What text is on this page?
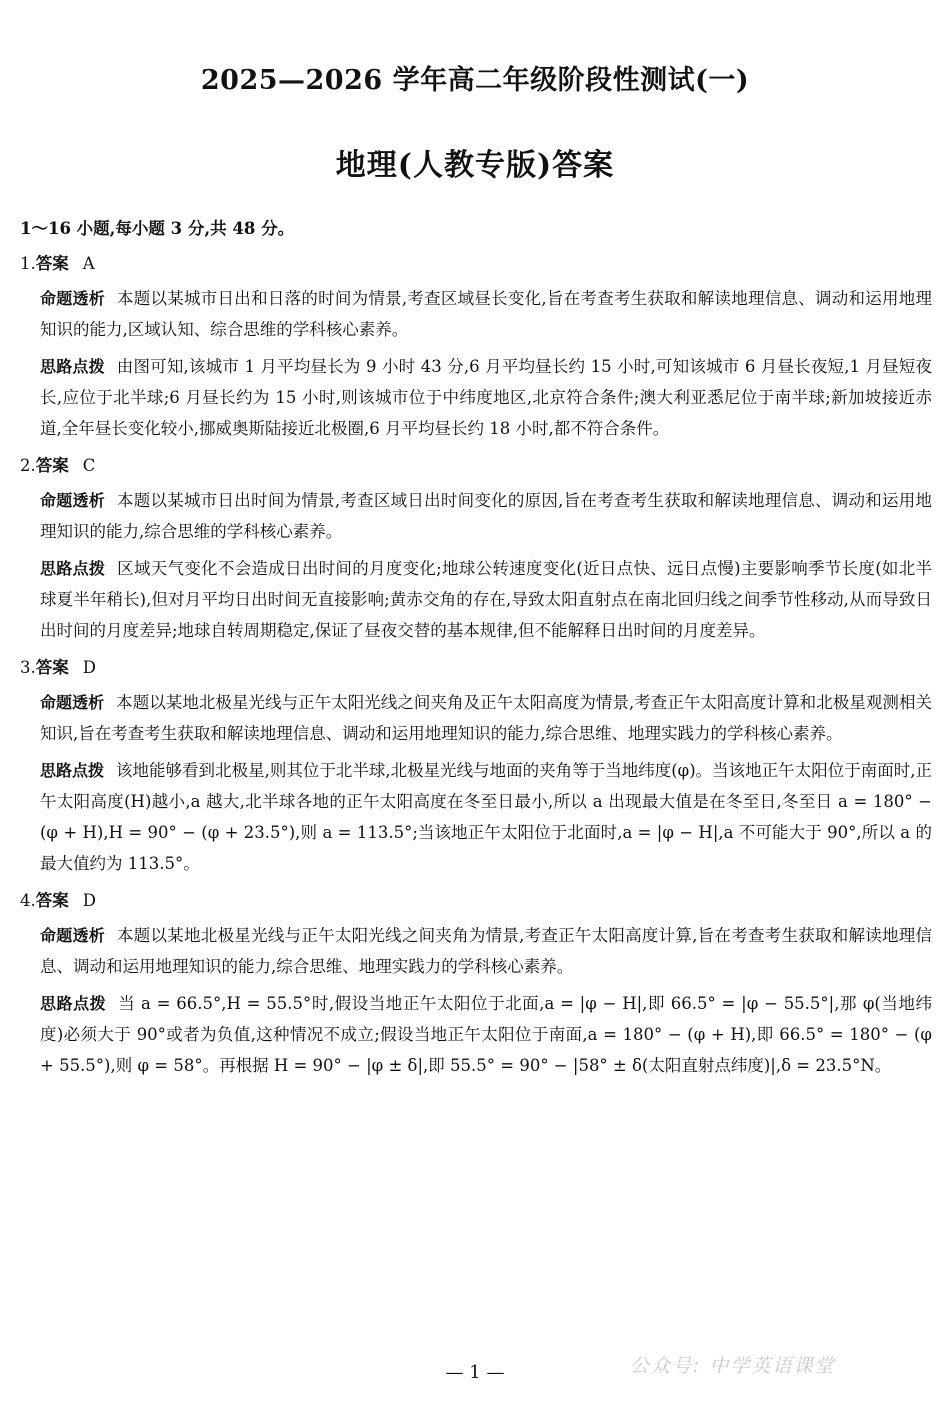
2025—2026 学年高二年级阶段性测试(一)
地理(人教专版)答案
1～16 小题,每小题 3 分,共 48 分。
1.答案 A
命题透析 本题以某城市日出和日落的时间为情景,考查区域昼长变化,旨在考查考生获取和解读地理信息、调动和运用地理知识的能力,区域认知、综合思维的学科核心素养。
思路点拨 由图可知,该城市 1 月平均昼长为 9 小时 43 分,6 月平均昼长约 15 小时,可知该城市 6 月昼长夜短,1 月昼短夜长,应位于北半球;6 月昼长约为 15 小时,则该城市位于中纬度地区,北京符合条件;澳大利亚悉尼位于南半球;新加坡接近赤道,全年昼长变化较小,挪威奥斯陆接近北极圈,6 月平均昼长约 18 小时,都不符合条件。
2.答案 C
命题透析 本题以某城市日出时间为情景,考查区域日出时间变化的原因,旨在考查考生获取和解读地理信息、调动和运用地理知识的能力,综合思维的学科核心素养。
思路点拨 区域天气变化不会造成日出时间的月度变化;地球公转速度变化(近日点快、远日点慢)主要影响季节长度(如北半球夏半年稍长),但对月平均日出时间无直接影响;黄赤交角的存在,导致太阳直射点在南北回归线之间季节性移动,从而导致日出时间的月度差异;地球自转周期稳定,保证了昼夜交替的基本规律,但不能解释日出时间的月度差异。
3.答案 D
命题透析 本题以某地北极星光线与正午太阳光线之间夹角及正午太阳高度为情景,考查正午太阳高度计算和北极星观测相关知识,旨在考查考生获取和解读地理信息、调动和运用地理知识的能力,综合思维、地理实践力的学科核心素养。
思路点拨 该地能够看到北极星,则其位于北半球,北极星光线与地面的夹角等于当地纬度(φ)。当该地正午太阳位于南面时,正午太阳高度(H)越小,a 越大,北半球各地的正午太阳高度在冬至日最小,所以 a 出现最大值是在冬至日,冬至日 a = 180° − (φ + H),H = 90° − (φ + 23.5°),则 a = 113.5°;当该地正午太阳位于北面时,a = |φ − H|,a 不可能大于 90°,所以 a 的最大值约为 113.5°。
4.答案 D
命题透析 本题以某地北极星光线与正午太阳光线之间夹角为情景,考查正午太阳高度计算,旨在考查考生获取和解读地理信息、调动和运用地理知识的能力,综合思维、地理实践力的学科核心素养。
思路点拨 当 a = 66.5°,H = 55.5°时,假设当地正午太阳位于北面,a = |φ − H|,即 66.5° = |φ − 55.5°|,那 φ(当地纬度)必须大于 90°或者为负值,这种情况不成立;假设当地正午太阳位于南面,a = 180° − (φ + H),即 66.5° = 180° − (φ + 55.5°),则 φ = 58°。再根据 H = 90° − |φ ± δ|,即 55.5° = 90° − |58° ± δ(太阳直射点纬度)|,δ = 23.5°N。
— 1 —	公众号: 中学英语课堂
